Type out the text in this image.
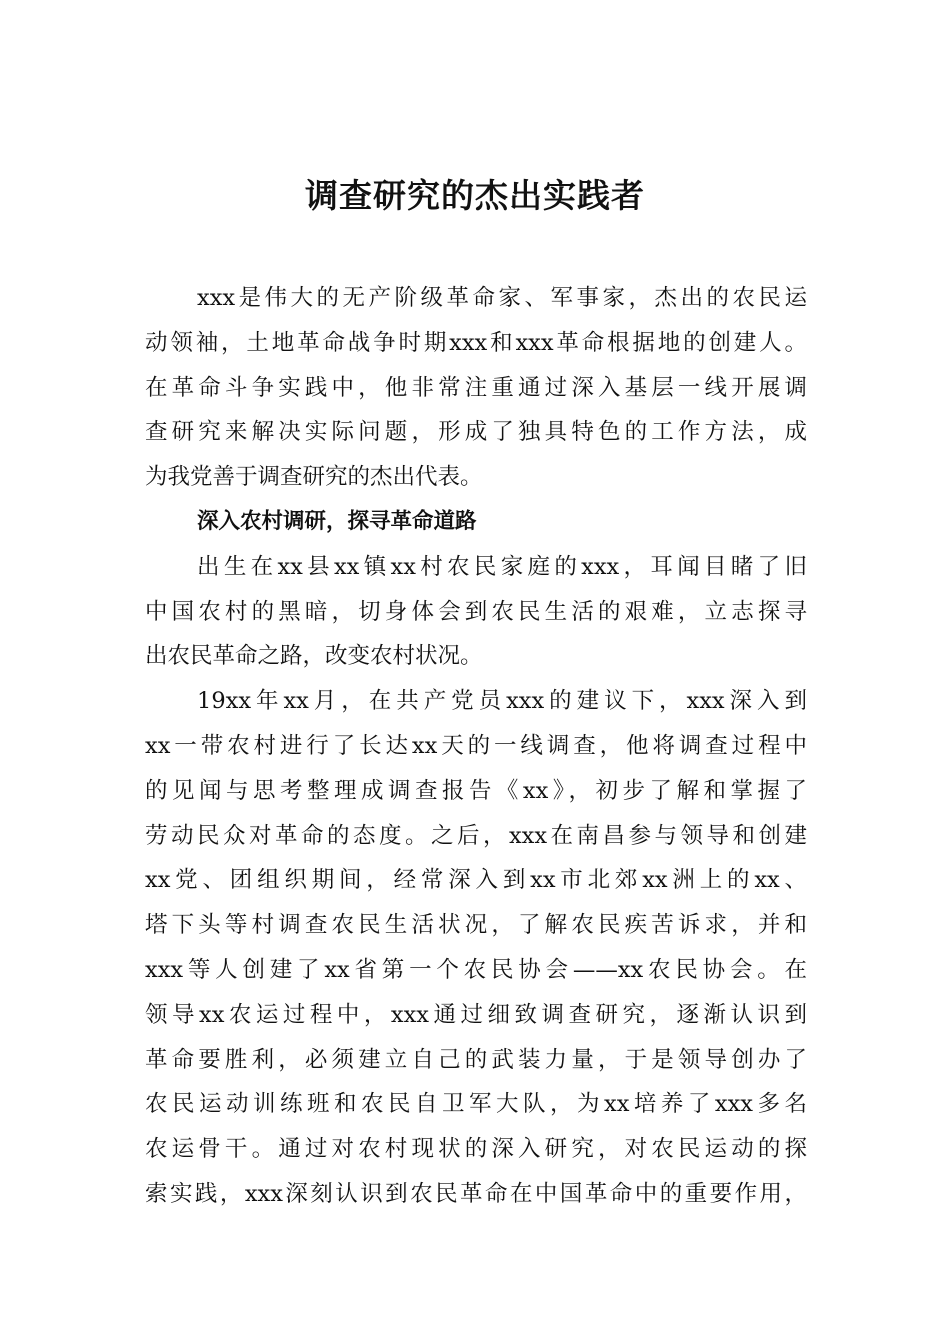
调查研究的杰出实践者
xxx是伟大的无产阶级革命家、军事家，杰出的农民运
动领袖，土地革命战争时期xxx和xxx革命根据地的创建人。
在革命斗争实践中，他非常注重通过深入基层一线开展调
查研究来解决实际问题，形成了独具特色的工作方法，成
为我党善于调查研究的杰出代表。
深入农村调研，探寻革命道路
出生在xx县xx镇xx村农民家庭的xxx，耳闻目睹了旧
中国农村的黑暗，切身体会到农民生活的艰难，立志探寻
出农民革命之路，改变农村状况。
19xx年xx月，在共产党员xxx的建议下，xxx深入到
xx一带农村进行了长达xx天的一线调查，他将调查过程中
的见闻与思考整理成调查报告《xx》，初步了解和掌握了
劳动民众对革命的态度。之后，xxx在南昌参与领导和创建
xx党、团组织期间，经常深入到xx市北郊xx洲上的xx、
塔下头等村调查农民生活状况，了解农民疾苦诉求，并和
xxx等人创建了xx省第一个农民协会——xx农民协会。在
领导xx农运过程中，xxx通过细致调查研究，逐渐认识到
革命要胜利，必须建立自己的武装力量，于是领导创办了
农民运动训练班和农民自卫军大队，为xx培养了xxx多名
农运骨干。通过对农村现状的深入研究，对农民运动的探
索实践，xxx深刻认识到农民革命在中国革命中的重要作用，
